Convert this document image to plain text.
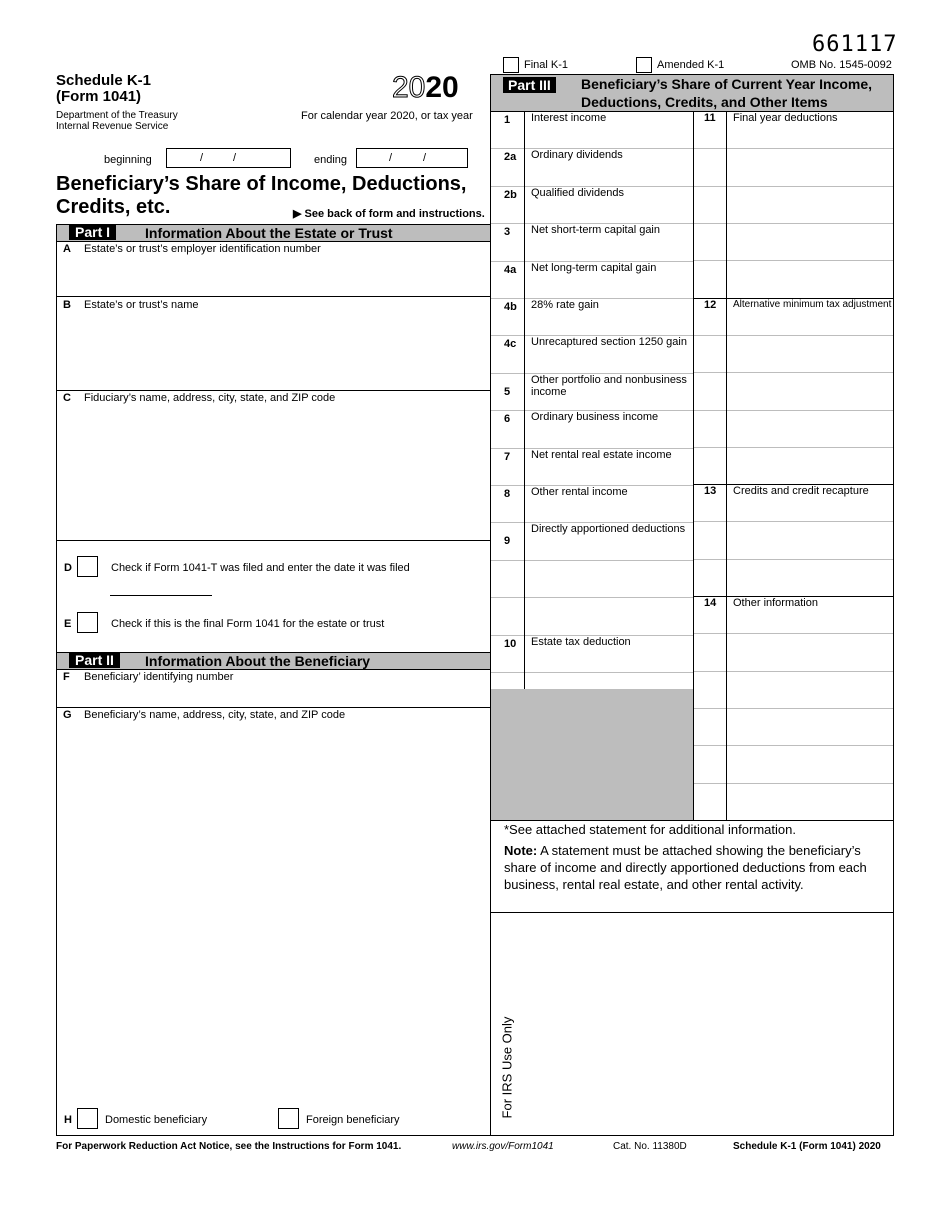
661117
Final K-1	Amended K-1	OMB No. 1545-0092
Schedule K-1
(Form 1041)	2020
Department of the Treasury
Internal Revenue Service
For calendar year 2020, or tax year
beginning	/	/	ending	/	/
Beneficiary’s Share of Income, Deductions,
Credits, etc.	▶ See back of form and instructions.
Part I	Information About the Estate or Trust
A Estate’s or trust’s employer identification number
B Estate’s or trust’s name
C Fiduciary’s name, address, city, state, and ZIP code
D	Check if Form 1041-T was filed and enter the date it was filed
E	Check if this is the final Form 1041 for the estate or trust
Part II	Information About the Beneficiary
F Beneficiary’ identifying number
G Beneficiary’s name, address, city, state, and ZIP code
H	Domestic beneficiary	Foreign beneficiary
Part III	Beneficiary’s Share of Current Year Income,
Deductions, Credits, and Other Items
1 Interest income
2a Ordinary dividends
2b Qualified dividends
3 Net short-term capital gain
4a Net long-term capital gain
4b 28% rate gain
4c Unrecaptured section 1250 gain
5
Other portfolio and nonbusiness income
6 Ordinary business income
7 Net rental real estate income
8 Other rental income
9
Directly apportioned deductions
10 Estate tax deduction
11 Final year deductions
12 Alternative minimum tax adjustment
13 Credits and credit recapture
14 Other information
*See attached statement for additional information.
Note: A statement must be attached showing the beneficiary’s share of income and directly apportioned deductions from each business, rental real estate, and other rental activity.
For IRS Use Only
For Paperwork Reduction Act Notice, see the Instructions for Form 1041.	www.irs.gov/Form1041	Cat. No. 11380D	Schedule K-1 (Form 1041) 2020
